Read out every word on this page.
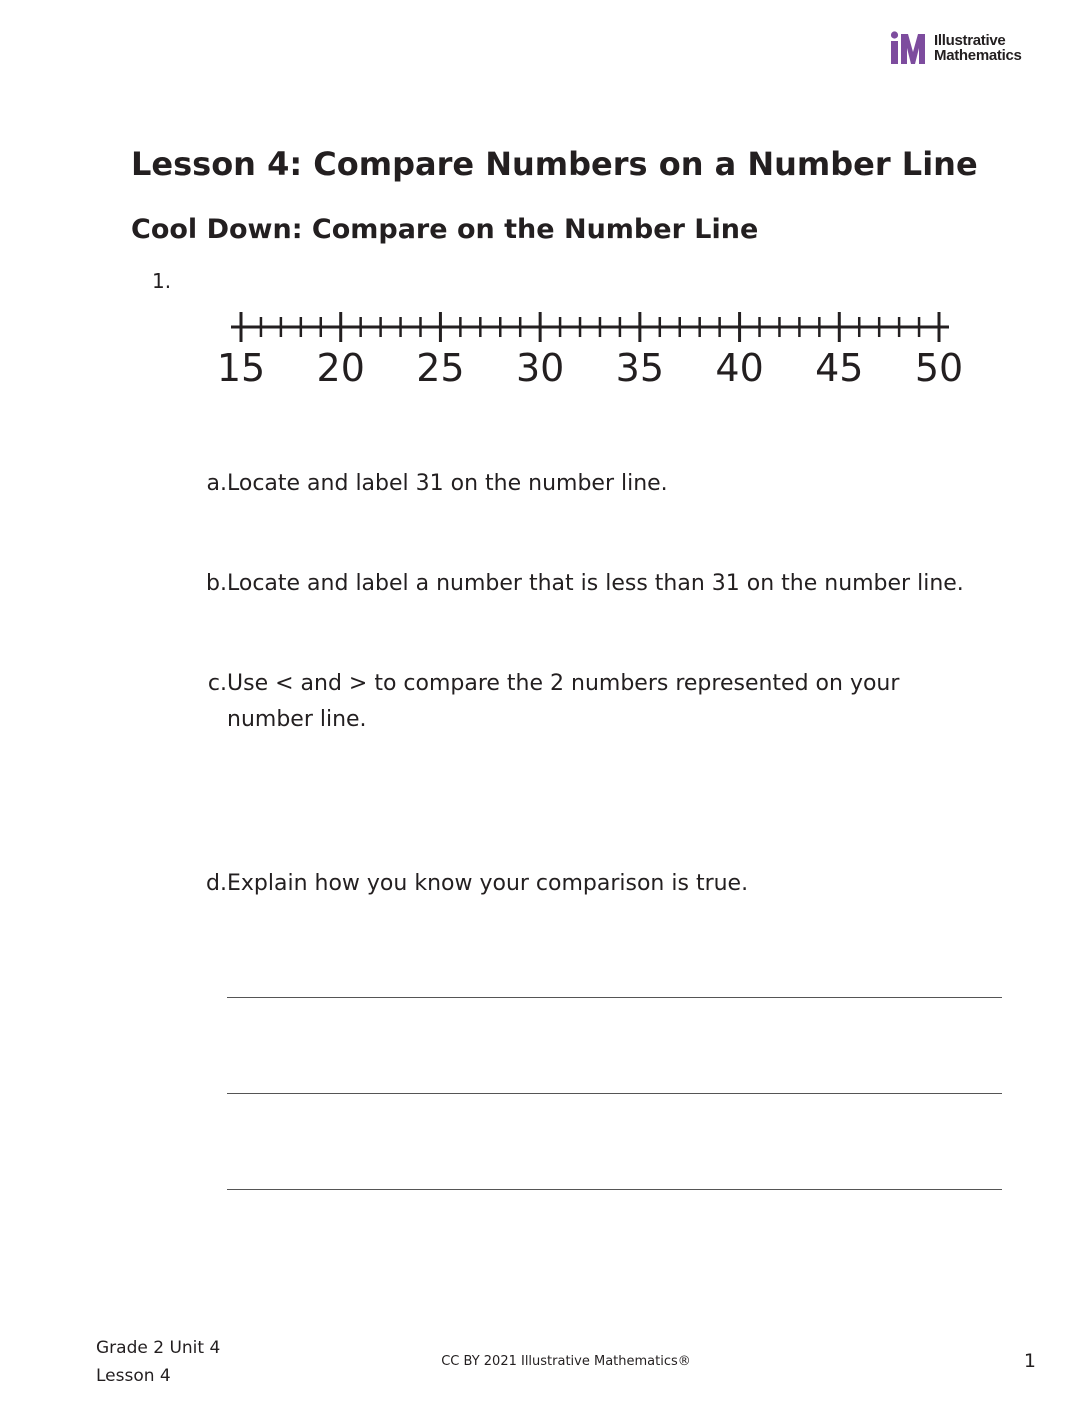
Illustrative
Mathematics
Lesson 4: Compare Numbers on a Number Line
Cool Down: Compare on the Number Line
1.
15 20 25 30 35 40 45 50
a. Locate and label 31 on the number line.
b. Locate and label a number that is less than 31 on the number line.
c. Use < and > to compare the 2 numbers represented on your number line.
d. Explain how you know your comparison is true.
Grade 2 Unit 4
Lesson 4
CC BY 2021 Illustrative Mathematics®	1
